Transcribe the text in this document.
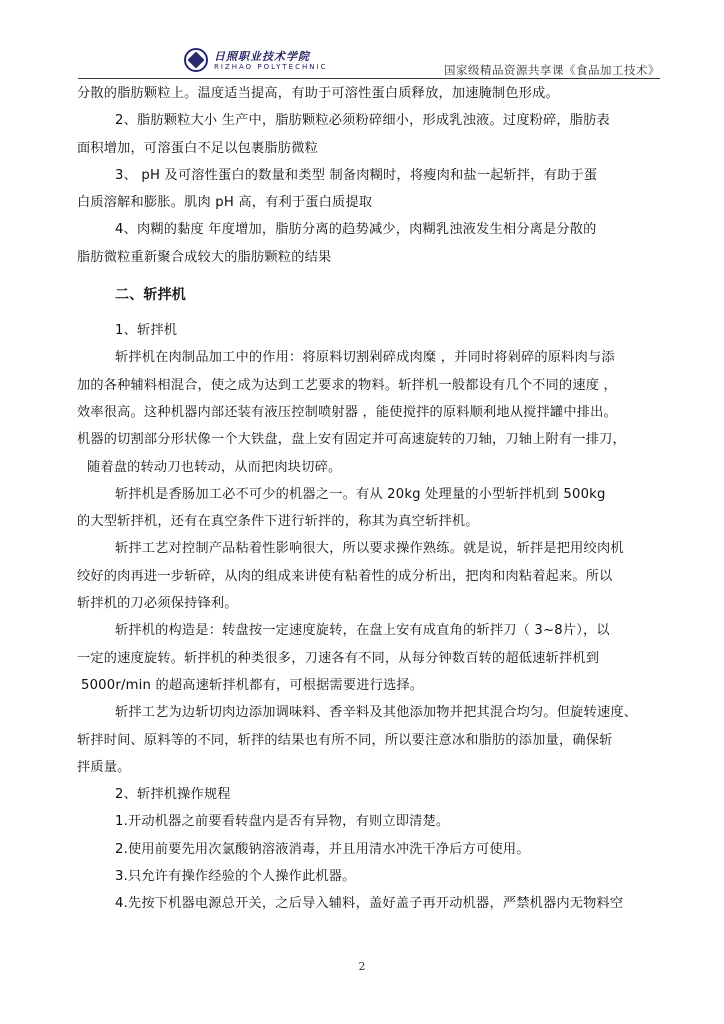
日照职业技术学院
RIZHAO POLYTECHNIC	国家级精品资源共享课《食品加工技术》

分散的脂肪颗粒上。温度适当提高，有助于可溶性蛋白质释放，加速腌制色形成。

2、脂肪颗粒大小 生产中，脂肪颗粒必须粉碎细小，形成乳浊液。过度粉碎，脂肪表

面积增加，可溶蛋白不足以包裹脂肪微粒

3、 pH 及可溶性蛋白的数量和类型 制备肉糊时，将瘦肉和盐一起斩拌，有助于蛋

白质溶解和膨胀。肌肉 pH 高，有利于蛋白质提取

4、肉糊的黏度 年度增加，脂肪分离的趋势减少，肉糊乳浊液发生相分离是分散的

脂肪微粒重新聚合成较大的脂肪颗粒的结果

二、斩拌机

1、斩拌机

斩拌机在肉制品加工中的作用：将原料切割剁碎成肉糜 ，并同时将剁碎的原料肉与添

加的各种辅料相混合，使之成为达到工艺要求的物料。斩拌机一般都设有几个不同的速度 ，

效率很高。这种机器内部还装有液压控制喷射器 ，能使搅拌的原料顺利地从搅拌罐中排出。

机器的切割部分形状像一个大铁盘，盘上安有固定并可高速旋转的刀轴，刀轴上附有一排刀，

随着盘的转动刀也转动，从而把肉块切碎。

斩拌机是香肠加工必不可少的机器之一。有从 20kg 处理量的小型斩拌机到 500kg

的大型斩拌机，还有在真空条件下进行斩拌的，称其为真空斩拌机。

斩拌工艺对控制产品粘着性影响很大，所以要求操作熟练。就是说，斩拌是把用绞肉机

绞好的肉再进一步斩碎，从肉的组成来讲使有粘着性的成分析出，把肉和肉粘着起来。所以

斩拌机的刀必须保持锋利。

斩拌机的构造是：转盘按一定速度旋转，在盘上安有成直角的斩拌刀（ 3~8片），以

一定的速度旋转。斩拌机的种类很多，刀速各有不同，从每分钟数百转的超低速斩拌机到

5000r/min 的超高速斩拌机都有，可根据需要进行选择。

斩拌工艺为边斩切肉边添加调味料、香辛料及其他添加物并把其混合均匀。但旋转速度、

斩拌时间、原料等的不同，斩拌的结果也有所不同，所以要注意冰和脂肪的添加量，确保斩

拌质量。

2、斩拌机操作规程

1.开动机器之前要看转盘内是否有异物，有则立即清楚。

2.使用前要先用次氯酸钠溶液消毒，并且用清水冲洗干净后方可使用。

3.只允许有操作经验的个人操作此机器。

4.先按下机器电源总开关，之后导入辅料，盖好盖子再开动机器，严禁机器内无物料空

2
